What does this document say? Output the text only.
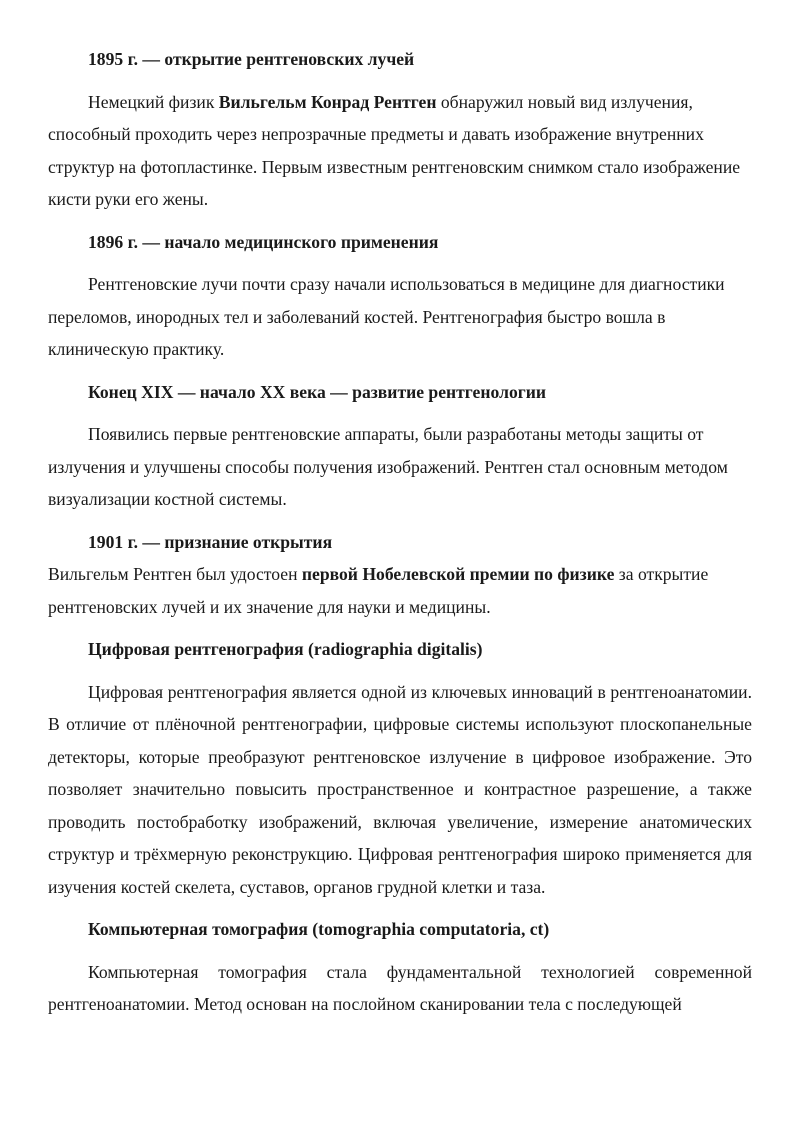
1895 г. — открытие рентгеновских лучей
Немецкий физик Вильгельм Конрад Рентген обнаружил новый вид излучения, способный проходить через непрозрачные предметы и давать изображение внутренних структур на фотопластинке. Первым известным рентгеновским снимком стало изображение кисти руки его жены.
1896 г. — начало медицинского применения
Рентгеновские лучи почти сразу начали использоваться в медицине для диагностики переломов, инородных тел и заболеваний костей. Рентгенография быстро вошла в клиническую практику.
Конец XIX — начало XX века — развитие рентгенологии
Появились первые рентгеновские аппараты, были разработаны методы защиты от излучения и улучшены способы получения изображений. Рентген стал основным методом визуализации костной системы.
1901 г. — признание открытия
Вильгельм Рентген был удостоен первой Нобелевской премии по физике за открытие рентгеновских лучей и их значение для науки и медицины.
Цифровая рентгенография (radiographia digitalis)
Цифровая рентгенография является одной из ключевых инноваций в рентгеноанатомии. В отличие от плёночной рентгенографии, цифровые системы используют плоскопанельные детекторы, которые преобразуют рентгеновское излучение в цифровое изображение. Это позволяет значительно повысить пространственное и контрастное разрешение, а также проводить постобработку изображений, включая увеличение, измерение анатомических структур и трёхмерную реконструкцию. Цифровая рентгенография широко применяется для изучения костей скелета, суставов, органов грудной клетки и таза.
Компьютерная томография (tomographia computatoria, ct)
Компьютерная томография стала фундаментальной технологией современной рентгеноанатомии. Метод основан на послойном сканировании тела с последующей
